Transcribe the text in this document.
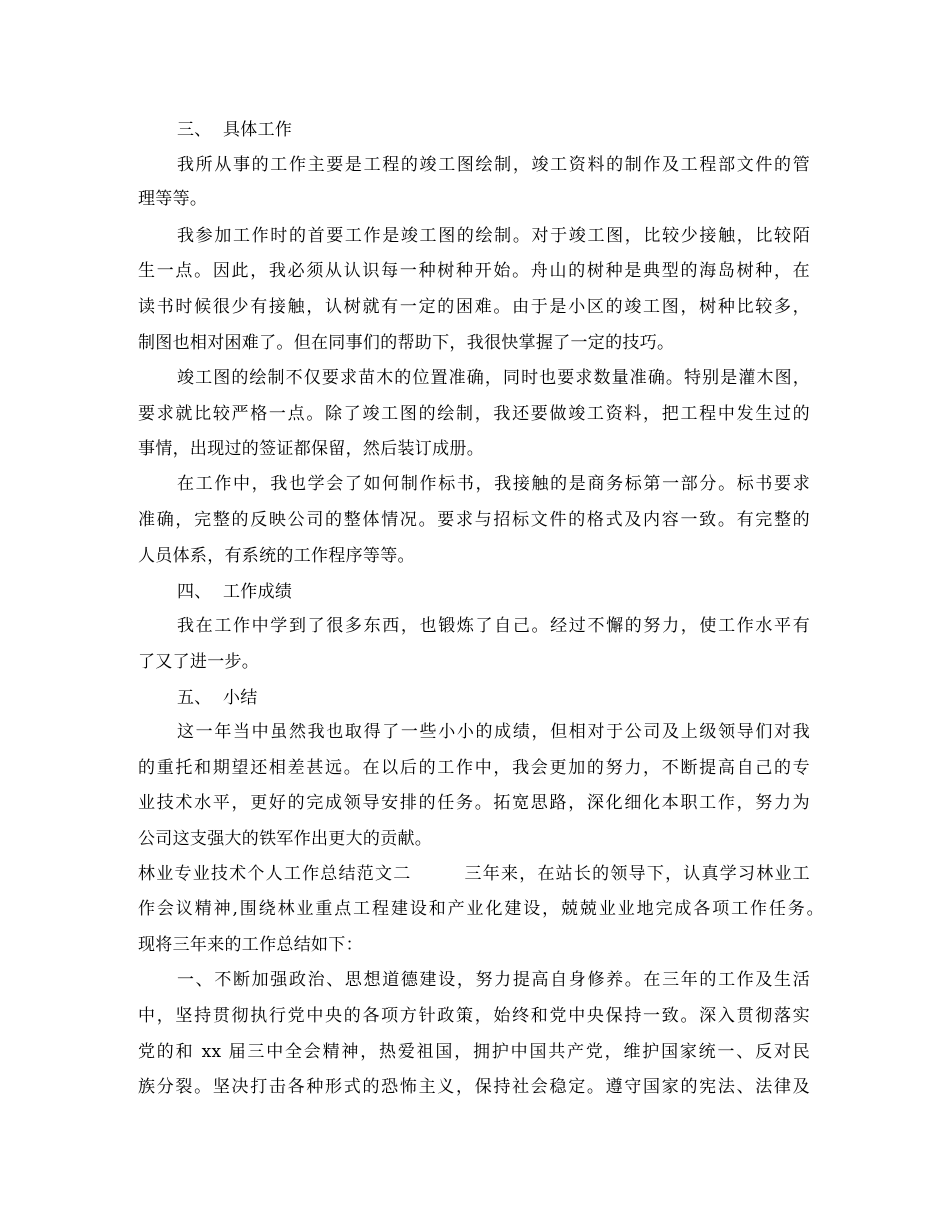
三、  具体工作
我所从事的工作主要是工程的竣工图绘制，竣工资料的制作及工程部文件的管
理等等。
我参加工作时的首要工作是竣工图的绘制。对于竣工图，比较少接触，比较陌
生一点。因此，我必须从认识每一种树种开始。舟山的树种是典型的海岛树种，在
读书时候很少有接触，认树就有一定的困难。由于是小区的竣工图，树种比较多，
制图也相对困难了。但在同事们的帮助下，我很快掌握了一定的技巧。
竣工图的绘制不仅要求苗木的位置准确，同时也要求数量准确。特别是灌木图，
要求就比较严格一点。除了竣工图的绘制，我还要做竣工资料，把工程中发生过的
事情，出现过的签证都保留，然后装订成册。
在工作中，我也学会了如何制作标书，我接触的是商务标第一部分。标书要求
准确，完整的反映公司的整体情况。要求与招标文件的格式及内容一致。有完整的
人员体系，有系统的工作程序等等。
四、  工作成绩
我在工作中学到了很多东西，也锻炼了自己。经过不懈的努力，使工作水平有
了又了进一步。
五、  小结
这一年当中虽然我也取得了一些小小的成绩，但相对于公司及上级领导们对我
的重托和期望还相差甚远。在以后的工作中，我会更加的努力，不断提高自己的专
业技术水平，更好的完成领导安排的任务。拓宽思路，深化细化本职工作，努力为
公司这支强大的铁军作出更大的贡献。
林业专业技术个人工作总结范文二        三年来，在站长的领导下，认真学习林业工
作会议精神,围绕林业重点工程建设和产业化建设，兢兢业业地完成各项工作任务。
现将三年来的工作总结如下：
一、不断加强政治、思想道德建设，努力提高自身修养。在三年的工作及生活
中，坚持贯彻执行党中央的各项方针政策，始终和党中央保持一致。深入贯彻落实
党的和 xx 届三中全会精神，热爱祖国，拥护中国共产党，维护国家统一、反对民
族分裂。坚决打击各种形式的恐怖主义，保持社会稳定。遵守国家的宪法、法律及
